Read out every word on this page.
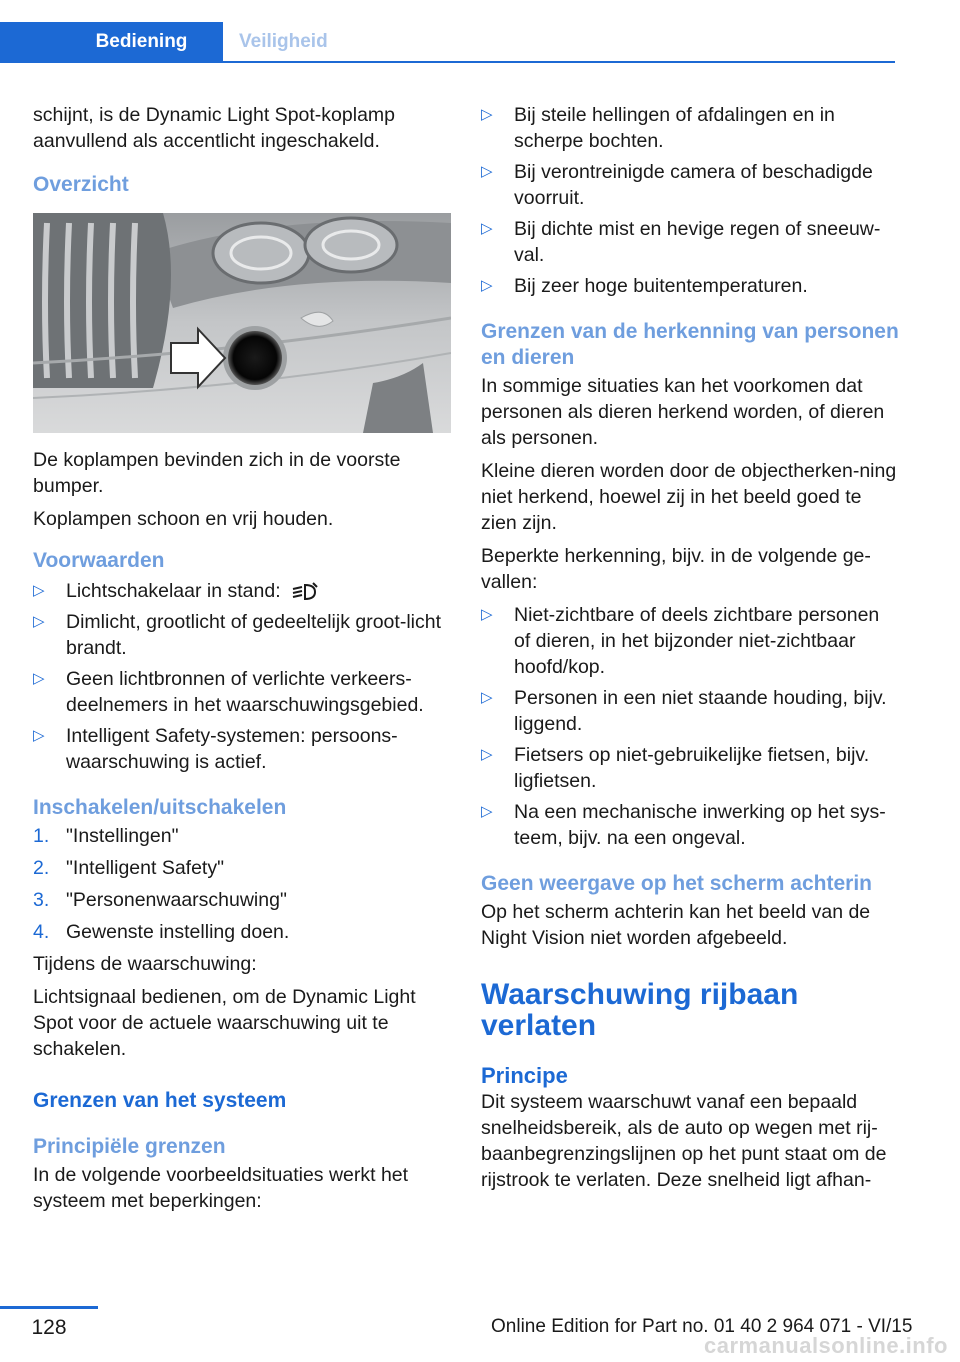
Bediening	Veiligheid

schijnt, is de Dynamic Light Spot-koplamp aanvullend als accentlicht ingeschakeld.

Overzicht

De koplampen bevinden zich in de voorste bumper.

Koplampen schoon en vrij houden.

Voorwaarden
▷ Lichtschakelaar in stand:
▷ Dimlicht, grootlicht of gedeeltelijk groot-licht brandt.
▷ Geen lichtbronnen of verlichte verkeers-deelnemers in het waarschuwingsgebied.
▷ Intelligent Safety-systemen: persoons-waarschuwing is actief.
Inschakelen/uitschakelen
1. "Instellingen"
2. "Intelligent Safety"
3. "Personenwaarschuwing"
4. Gewenste instelling doen.

Tijdens de waarschuwing:

Lichtsignaal bedienen, om de Dynamic Light Spot voor de actuele waarschuwing uit te schakelen.

Grenzen van het systeem
Principiële grenzen

In de volgende voorbeeldsituaties werkt het systeem met beperkingen:

▷ Bij steile hellingen of afdalingen en in scherpe bochten.
▷ Bij verontreinigde camera of beschadigde voorruit.
▷ Bij dichte mist en hevige regen of sneeuw-val.
▷ Bij zeer hoge buitentemperaturen.
Grenzen van de herkenning van personen en dieren

In sommige situaties kan het voorkomen dat personen als dieren herkend worden, of dieren als personen.

Kleine dieren worden door de objectherken-ning niet herkend, hoewel zij in het beeld goed te zien zijn.

Beperkte herkenning, bijv. in de volgende ge-vallen:

▷ Niet-zichtbare of deels zichtbare personen of dieren, in het bijzonder niet-zichtbaar hoofd/kop.
▷ Personen in een niet staande houding, bijv. liggend.
▷ Fietsers op niet-gebruikelijke fietsen, bijv. ligfietsen.
▷ Na een mechanische inwerking op het sys-teem, bijv. na een ongeval.
Geen weergave op het scherm achterin

Op het scherm achterin kan het beeld van de Night Vision niet worden afgebeeld.

Waarschuwing rijbaan verlaten
Principe

Dit systeem waarschuwt vanaf een bepaald snelheidsbereik, als de auto op wegen met rij-baanbegrenzingslijnen op het punt staat om de rijstrook te verlaten. Deze snelheid ligt afhan-

128	Online Edition for Part no. 01 40 2 964 071 - VI/15
carmanualsonline.info
